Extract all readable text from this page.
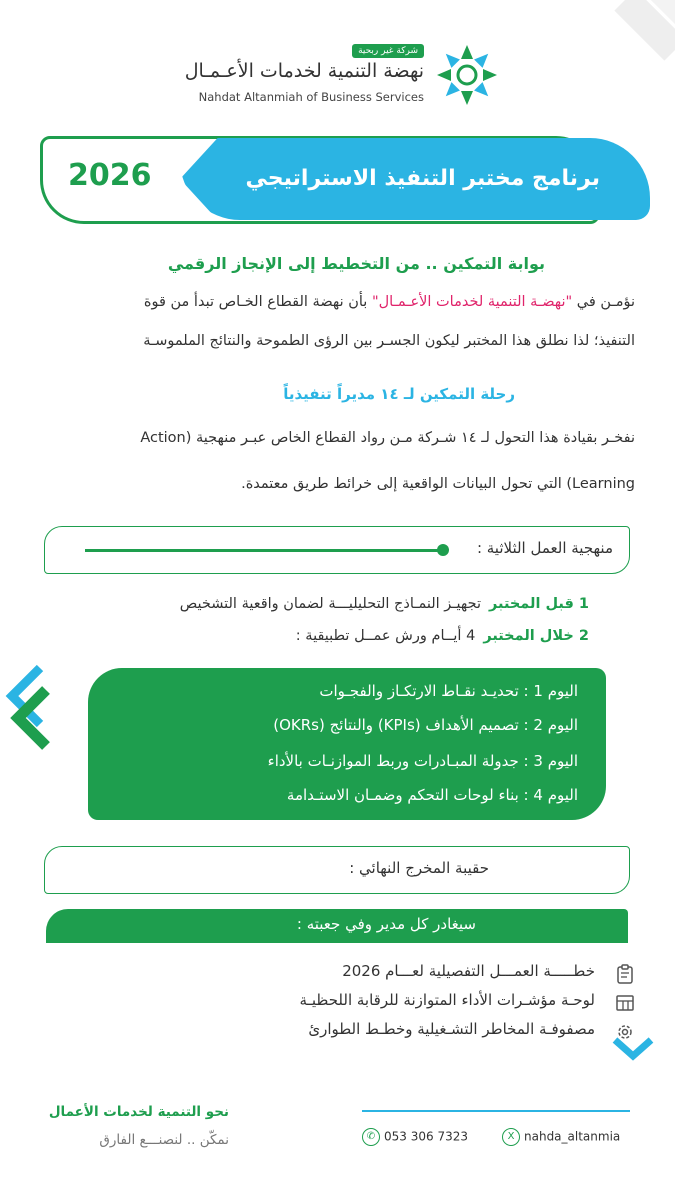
شركة غير ربحية
نهضة التنمية لخدمات الأعـمـال
Nahdat Altanmiah of Business Services
2026	برنامج مختبر التنفيذ الاستراتيجي
بوابة التمكين .. من التخطيط إلى الإنجاز الرقمي
نؤمـن في "نهضـة التنمية لخدمات الأعـمـال" بأن نهضة القطاع الخـاص تبدأ من قوة
التنفيذ؛ لذا نطلق هذا المختبر ليكون الجسـر بين الرؤى الطموحة والنتائج الملموسـة
رحلة التمكين لـ ١٤ مديراً تنفيذياً
نفخـر بقيادة هذا التحول لـ ١٤ شـركة مـن رواد القطاع الخاص عبـر منهجية (Action
Learning) التي تحول البيانات الواقعية إلى خرائط طريق معتمدة.
منهجية العمل الثلاثية :
1 قبل المختبرتجهيـز النمـاذج التحليليـــة لضمان واقعية التشخيص
2 خلال المختبر4 أيــام ورش عمــل تطبيقية :
اليوم 1 : تحديـد نقـاط الارتكـاز والفجـوات
اليوم 2 : تصميم الأهداف (KPIs) والنتائج (OKRs)
اليوم 3 : جدولة المبـادرات وربط الموازنـات بالأداء
اليوم 4 : بناء لوحات التحكم وضمـان الاستـدامة
حقيبة المخرج النهائي :
سيغادر كل مدير وفي جعبته :
خطـــــة العمـــل التفصيلية لعـــام 2026
لوحـة مؤشـرات الأداء المتوازنة للرقابة اللحظيـة
مصفوفـة المخاطر التشـغيلية وخطـط الطوارئ
نحو التنمية لخدمات الأعمال
نمكّن .. لنصنـــع الفارق	✆ 053 306 7323	X nahda_altanmia
